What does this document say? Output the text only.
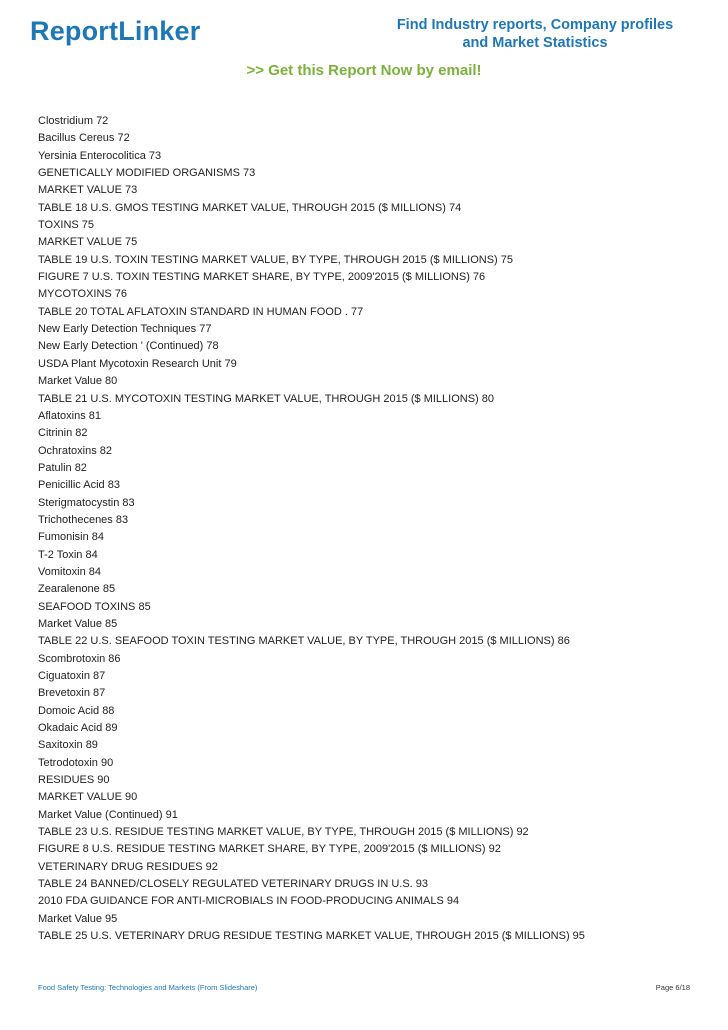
ReportLinker	Find Industry reports, Company profiles
and Market Statistics
>> Get this Report Now by email!
Clostridium 72
Bacillus Cereus 72
Yersinia Enterocolitica 73
GENETICALLY MODIFIED ORGANISMS 73
MARKET VALUE 73
TABLE 18 U.S. GMOS TESTING MARKET VALUE, THROUGH 2015 ($ MILLIONS) 74
TOXINS 75
MARKET VALUE 75
TABLE 19 U.S. TOXIN TESTING MARKET VALUE, BY TYPE, THROUGH 2015 ($ MILLIONS) 75
FIGURE 7 U.S. TOXIN TESTING MARKET SHARE, BY TYPE, 2009'2015 ($ MILLIONS) 76
MYCOTOXINS 76
TABLE 20 TOTAL AFLATOXIN STANDARD IN HUMAN FOOD . 77
New Early Detection Techniques 77
New Early Detection ' (Continued) 78
USDA Plant Mycotoxin Research Unit 79
Market Value 80
TABLE 21 U.S. MYCOTOXIN TESTING MARKET VALUE, THROUGH 2015 ($ MILLIONS) 80
Aflatoxins 81
Citrinin 82
Ochratoxins 82
Patulin 82
Penicillic Acid 83
Sterigmatocystin 83
Trichothecenes 83
Fumonisin 84
T-2 Toxin 84
Vomitoxin 84
Zearalenone 85
SEAFOOD TOXINS 85
Market Value 85
TABLE 22 U.S. SEAFOOD TOXIN TESTING MARKET VALUE, BY TYPE, THROUGH 2015 ($ MILLIONS) 86
Scombrotoxin 86
Ciguatoxin 87
Brevetoxin 87
Domoic Acid 88
Okadaic Acid 89
Saxitoxin 89
Tetrodotoxin 90
RESIDUES 90
MARKET VALUE 90
Market Value (Continued) 91
TABLE 23 U.S. RESIDUE TESTING MARKET VALUE, BY TYPE, THROUGH 2015 ($ MILLIONS) 92
FIGURE 8 U.S. RESIDUE TESTING MARKET SHARE, BY TYPE, 2009'2015 ($ MILLIONS) 92
VETERINARY DRUG RESIDUES 92
TABLE 24 BANNED/CLOSELY REGULATED VETERINARY DRUGS IN U.S. 93
2010 FDA GUIDANCE FOR ANTI-MICROBIALS IN FOOD-PRODUCING ANIMALS 94
Market Value 95
TABLE 25 U.S. VETERINARY DRUG RESIDUE TESTING MARKET VALUE, THROUGH 2015 ($ MILLIONS) 95
Food Safety Testing: Technologies and Markets (From Slideshare)	Page 6/18
